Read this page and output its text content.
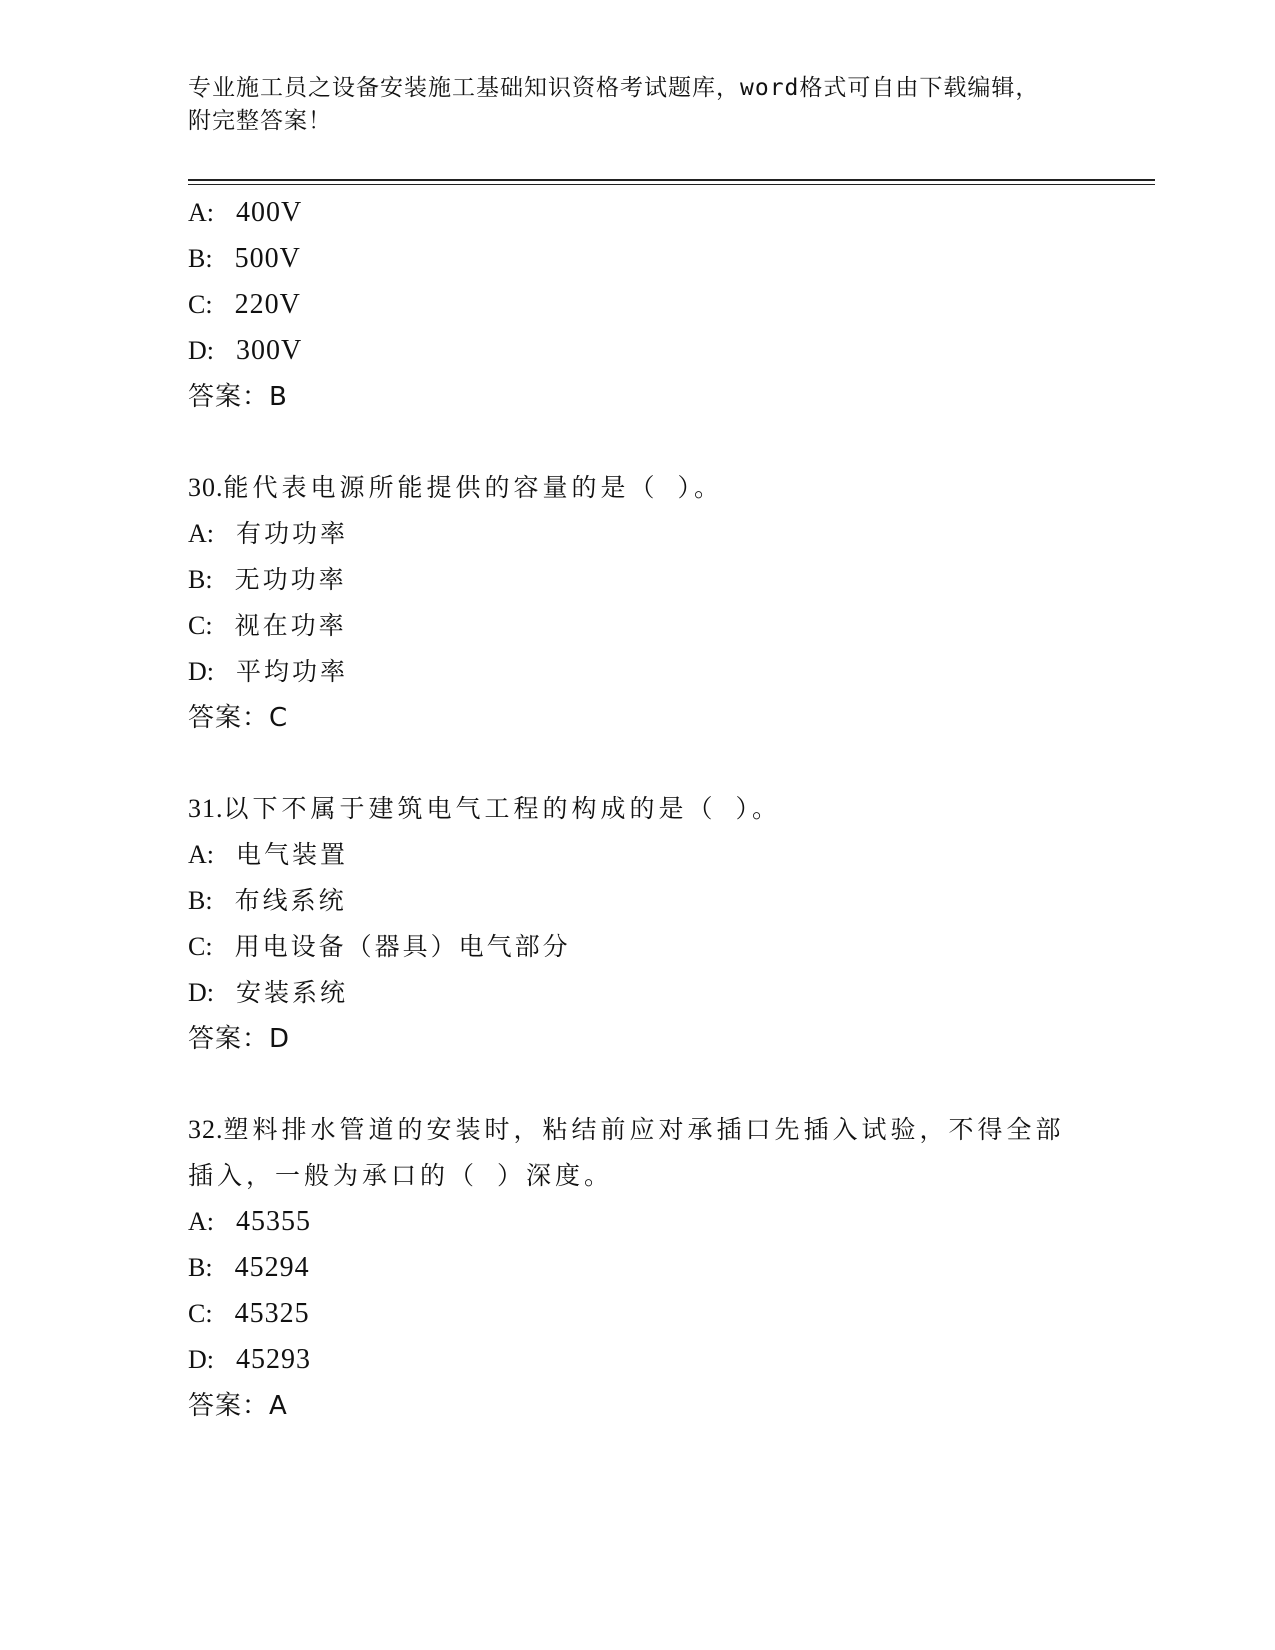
专业施工员之设备安装施工基础知识资格考试题库，word格式可自由下载编辑，
附完整答案！
A: 400V
B: 500V
C: 220V
D: 300V
答案：B
30.能代表电源所能提供的容量的是（ ）。
A: 有功功率
B: 无功功率
C: 视在功率
D: 平均功率
答案：C
31.以下不属于建筑电气工程的构成的是（ ）。
A: 电气装置
B: 布线系统
C: 用电设备（器具）电气部分
D: 安装系统
答案：D
32.塑料排水管道的安装时，粘结前应对承插口先插入试验，不得全部
插入，一般为承口的（ ）深度。
A: 45355
B: 45294
C: 45325
D: 45293
答案：A
